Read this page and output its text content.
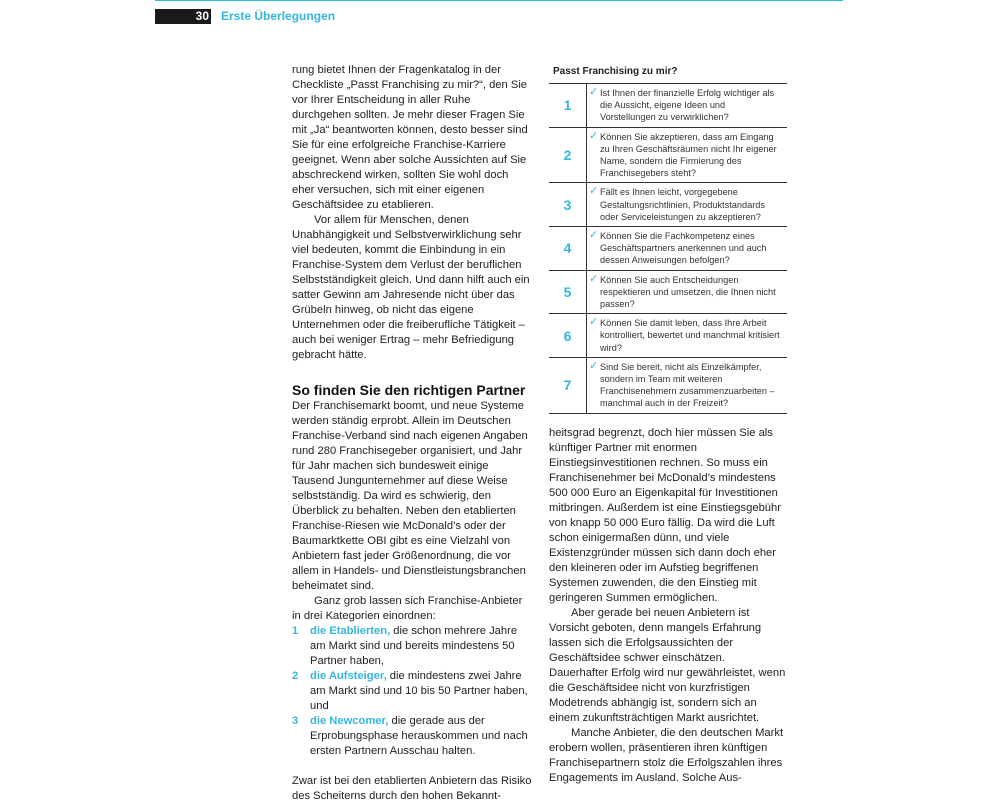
30 Erste Überlegungen

rung bietet Ihnen der Fragenkatalog in der Checkliste „Passt Franchising zu mir?“, den Sie vor Ihrer Entscheidung in aller Ruhe durchgehen sollten. Je mehr dieser Fragen Sie mit „Ja“ beantworten können, desto besser sind Sie für eine erfolgreiche Franchise-Karriere geeignet. Wenn aber solche Aussichten auf Sie abschreckend wirken, sollten Sie wohl doch eher versuchen, sich mit einer eigenen Geschäftsidee zu etablieren.

Vor allem für Menschen, denen Unabhängigkeit und Selbstverwirklichung sehr viel bedeuten, kommt die Einbindung in ein Franchise-System dem Verlust der beruflichen Selbstständigkeit gleich. Und dann hilft auch ein satter Gewinn am Jahresende nicht über das Grübeln hinweg, ob nicht das eigene Unternehmen oder die freiberufliche Tätigkeit – auch bei weniger Ertrag – mehr Befriedigung gebracht hätte.

So finden Sie den richtigen Partner

Der Franchisemarkt boomt, und neue Systeme werden ständig erprobt. Allein im Deutschen Franchise-Verband sind nach eigenen Angaben rund 280 Franchisegeber organisiert, und Jahr für Jahr machen sich bundesweit einige Tausend Jungunternehmer auf diese Weise selbstständig. Da wird es schwierig, den Überblick zu behalten. Neben den etablierten Franchise-Riesen wie McDonald’s oder der Baumarktkette OBI gibt es eine Vielzahl von Anbietern fast jeder Größenordnung, die vor allem in Handels- und Dienstleistungsbranchen beheimatet sind.

Ganz grob lassen sich Franchise-Anbieter in drei Kategorien einordnen:

1	die Etablierten, die schon mehrere Jahre am Markt sind und bereits mindestens 50 Partner haben,
2	die Aufsteiger, die mindestens zwei Jahre am Markt sind und 10 bis 50 Partner haben, und
3	die Newcomer, die gerade aus der Erprobungsphase herauskommen und nach ersten Partnern Ausschau halten.

Zwar ist bei den etablierten Anbietern das Risiko des Scheiterns durch den hohen Bekannt-

Passt Franchising zu mir?
1
✓ Ist Ihnen der finanzielle Erfolg wichtiger als die Aussicht, eigene Ideen und Vorstellungen zu verwirklichen?
2
✓ Können Sie akzeptieren, dass am Eingang zu Ihren Geschäftsräumen nicht Ihr eigener Name, sondern die Firmierung des Franchisegebers steht?
3
✓ Fällt es Ihnen leicht, vorgegebene Gestaltungsrichtlinien, Produktstandards oder Serviceleistungen zu akzeptieren?
4
✓ Können Sie die Fachkompetenz eines Geschäftspartners anerkennen und auch dessen Anweisungen befolgen?
5
✓ Können Sie auch Entscheidungen respektieren und umsetzen, die Ihnen nicht passen?
6
✓ Können Sie damit leben, dass Ihre Arbeit kontrolliert, bewertet und manchmal kritisiert wird?
7
✓ Sind Sie bereit, nicht als Einzelkämpfer, sondern im Team mit weiteren Franchisenehmern zusammenzuarbeiten – manchmal auch in der Freizeit?

heitsgrad begrenzt, doch hier müssen Sie als künftiger Partner mit enormen Einstiegsinvestitionen rechnen. So muss ein Franchisenehmer bei McDonald’s mindestens 500 000 Euro an Eigenkapital für Investitionen mitbringen. Außerdem ist eine Einstiegsgebühr von knapp 50 000 Euro fällig. Da wird die Luft schon einigermaßen dünn, und viele Existenzgründer müssen sich dann doch eher den kleineren oder im Aufstieg begriffenen Systemen zuwenden, die den Einstieg mit geringeren Summen ermöglichen.

Aber gerade bei neuen Anbietern ist Vorsicht geboten, denn mangels Erfahrung lassen sich die Erfolgsaussichten der Geschäftsidee schwer einschätzen. Dauerhafter Erfolg wird nur gewährleistet, wenn die Geschäftsidee nicht von kurzfristigen Modetrends abhängig ist, sondern sich an einem zukunftsträchtigen Markt ausrichtet.

Manche Anbieter, die den deutschen Markt erobern wollen, präsentieren ihren künftigen Franchisepartnern stolz die Erfolgszahlen ihres Engagements im Ausland. Solche Aus-
